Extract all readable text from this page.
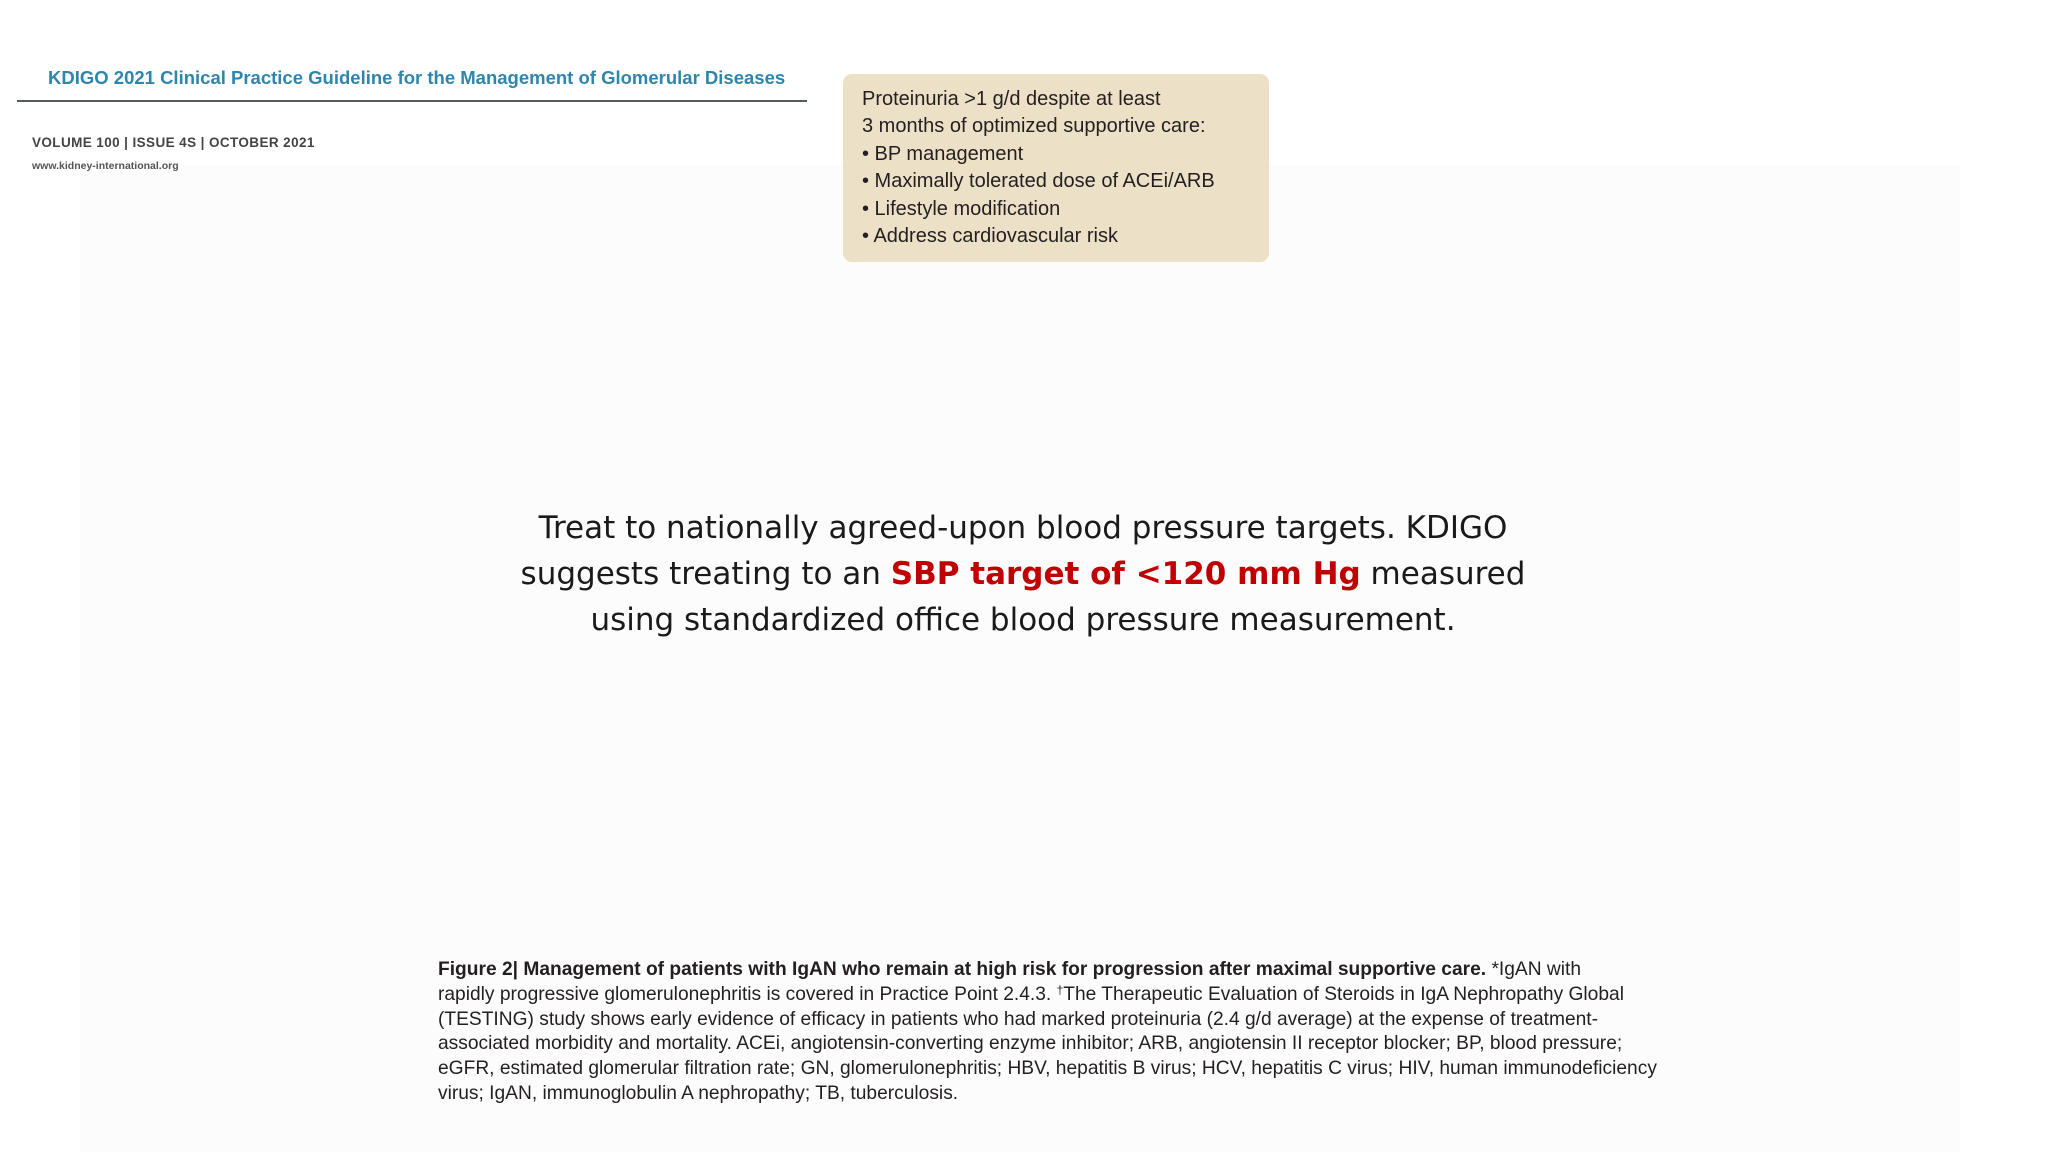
KDIGO 2021 Clinical Practice Guideline for the Management of Glomerular Diseases
VOLUME 100 | ISSUE 4S | OCTOBER 2021
www.kidney-international.org
Proteinuria >1 g/d despite at least
3 months of optimized supportive care:
• BP management
• Maximally tolerated dose of ACEi/ARB
• Lifestyle modification
• Address cardiovascular risk
Treat to nationally agreed-upon blood pressure targets. KDIGO
suggests treating to an SBP target of <120 mm Hg measured
using standardized office blood pressure measurement.
Figure 2| Management of patients with IgAN who remain at high risk for progression after maximal supportive care. *IgAN with
rapidly progressive glomerulonephritis is covered in Practice Point 2.4.3. †The Therapeutic Evaluation of Steroids in IgA Nephropathy Global
(TESTING) study shows early evidence of efficacy in patients who had marked proteinuria (2.4 g/d average) at the expense of treatment-
associated morbidity and mortality. ACEi, angiotensin-converting enzyme inhibitor; ARB, angiotensin II receptor blocker; BP, blood pressure;
eGFR, estimated glomerular filtration rate; GN, glomerulonephritis; HBV, hepatitis B virus; HCV, hepatitis C virus; HIV, human immunodeficiency
virus; IgAN, immunoglobulin A nephropathy; TB, tuberculosis.
